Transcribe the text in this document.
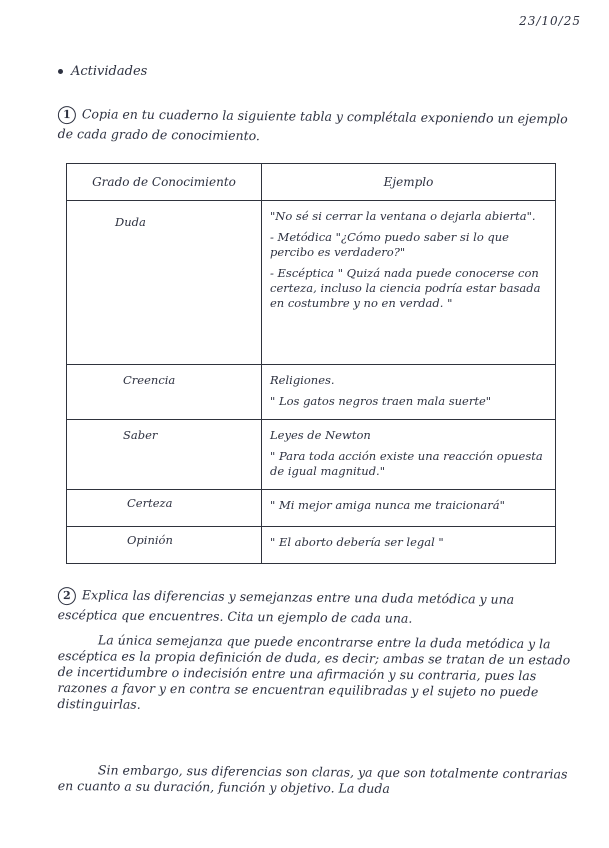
23/10/25
Actividades
1 Copia en tu cuaderno la siguiente tabla y complétala exponiendo un ejemplo de cada grado de conocimiento.
Grado de Conocimiento	Ejemplo

Duda	"No sé si cerrar la ventana o dejarla abierta".

- Metódica "¿Cómo puedo saber si lo que percibo es verdadero?"

- Escéptica " Quizá nada puede conocerse con certeza, incluso la ciencia podría estar basada en costumbre y no en verdad. "

Creencia	Religiones.

" Los gatos negros traen mala suerte"

Saber	Leyes de Newton

" Para toda acción existe una reacción opuesta de igual magnitud."

Certeza	" Mi mejor amiga nunca me traicionará"

Opinión	" El aborto debería ser legal "

2 Explica las diferencias y semejanzas entre una duda metódica y una escéptica que encuentres. Cita un ejemplo de cada una.

La única semejanza que puede encontrarse entre la duda metódica y la escéptica es la propia definición de duda, es decir; ambas se tratan de un estado de incertidumbre o indecisión entre una afirmación y su contraria, pues las razones a favor y en contra se encuentran equilibradas y el sujeto no puede distinguirlas.

Sin embargo, sus diferencias son claras, ya que son totalmente contrarias en cuanto a su duración, función y objetivo. La duda
